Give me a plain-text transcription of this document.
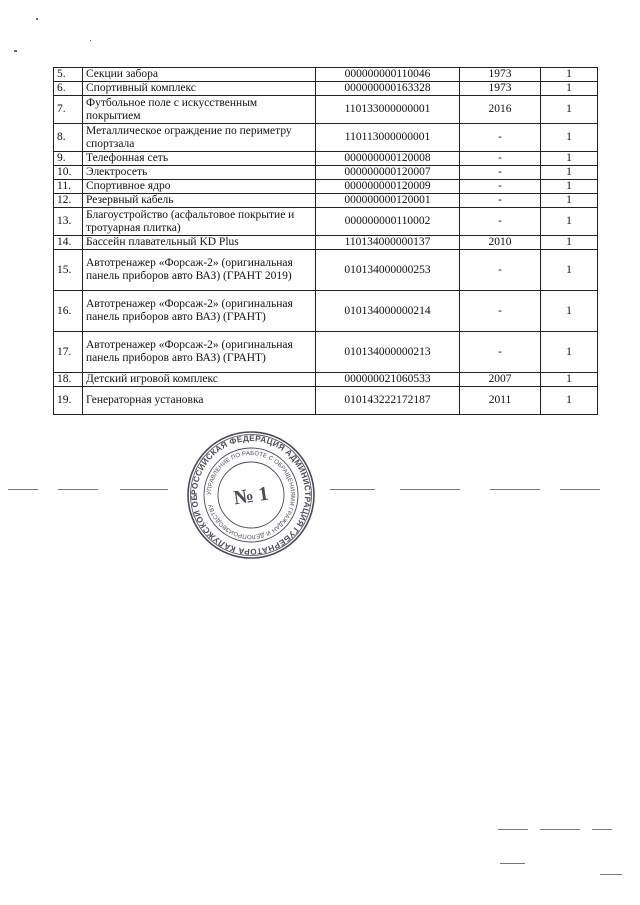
5.	Секции забора	000000000110046	1973	1
6.	Спортивный комплекс	000000000163328	1973	1
7.	Футбольное поле с искусственным покрытием	110133000000001	2016	1
8.	Металлическое ограждение по периметру спортзала	110113000000001	-	1
9.	Телефонная сеть	000000000120008	-	1
10.	Электросеть	000000000120007	-	1
11.	Спортивное ядро	000000000120009	-	1
12.	Резервный кабель	000000000120001	-	1
13.	Благоустройство (асфальтовое покрытие и тротуарная плитка)	000000000110002	-	1
14.	Бассейн плавательный KD Plus	110134000000137	2010	1
15.	Автотренажер «Форсаж-2» (оригинальная панель приборов авто ВАЗ) (ГРАНТ 2019)	010134000000253	-	1
16.	Автотренажер «Форсаж-2» (оригинальная панель приборов авто ВАЗ) (ГРАНТ)	010134000000214	-	1
17.	Автотренажер «Форсаж-2» (оригинальная панель приборов авто ВАЗ) (ГРАНТ)	010134000000213	-	1
18.	Детский игровой комплекс	000000021060533	2007	1
19.	Генераторная установка	010143222172187	2011	1
РОССИЙСКАЯ ФЕДЕРАЦИЯ АДМИНИСТРАЦИЯ ГУБЕРНАТОРА КАЛУЖСКОЙ ОБ
УПРАВЛЕНИЕ ПО РАБОТЕ С ОБРАЩЕНИЯМИ ГРАЖДАН И ДЕЛОПРОИЗВОДСТВУ № 1
